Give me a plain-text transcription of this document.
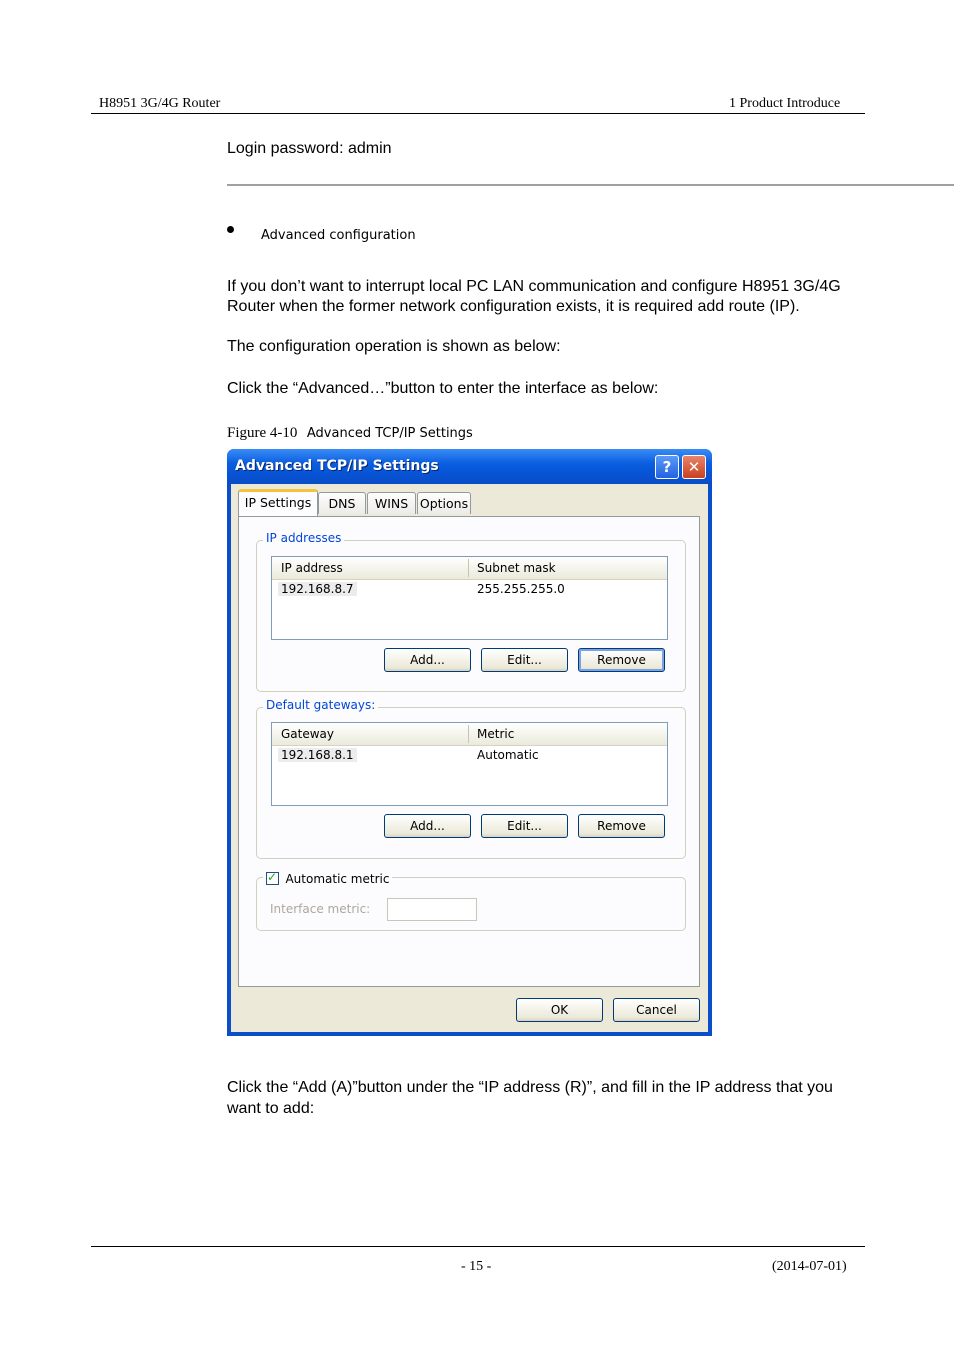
H8951 3G/4G Router	1 Product Introduce
Login password: admin
Advanced configuration
If you don’t want to interrupt local PC LAN communication and configure H8951 3G/4G
Router when the former network configuration exists, it is required add route (IP).
The configuration operation is shown as below:
Click the “Advanced…”button to enter the interface as below:
Figure 4-10 Advanced TCP/IP Settings
Advanced TCP/IP Settings	?	✕
IP Settings	DNS	WINS Options
IP addresses
IP address	Subnet mask
192.168.8.7	255.255.255.0
Add...	Edit...	Remove
Default gateways:
Gateway	Metric
192.168.8.1	Automatic
Add...	Edit...	Remove
✓ Automatic metric
Interface metric:
OK	Cancel
Click the “Add (A)”button under the “IP address (R)”, and fill in the IP address that you
want to add:
- 15 -	(2014-07-01)
